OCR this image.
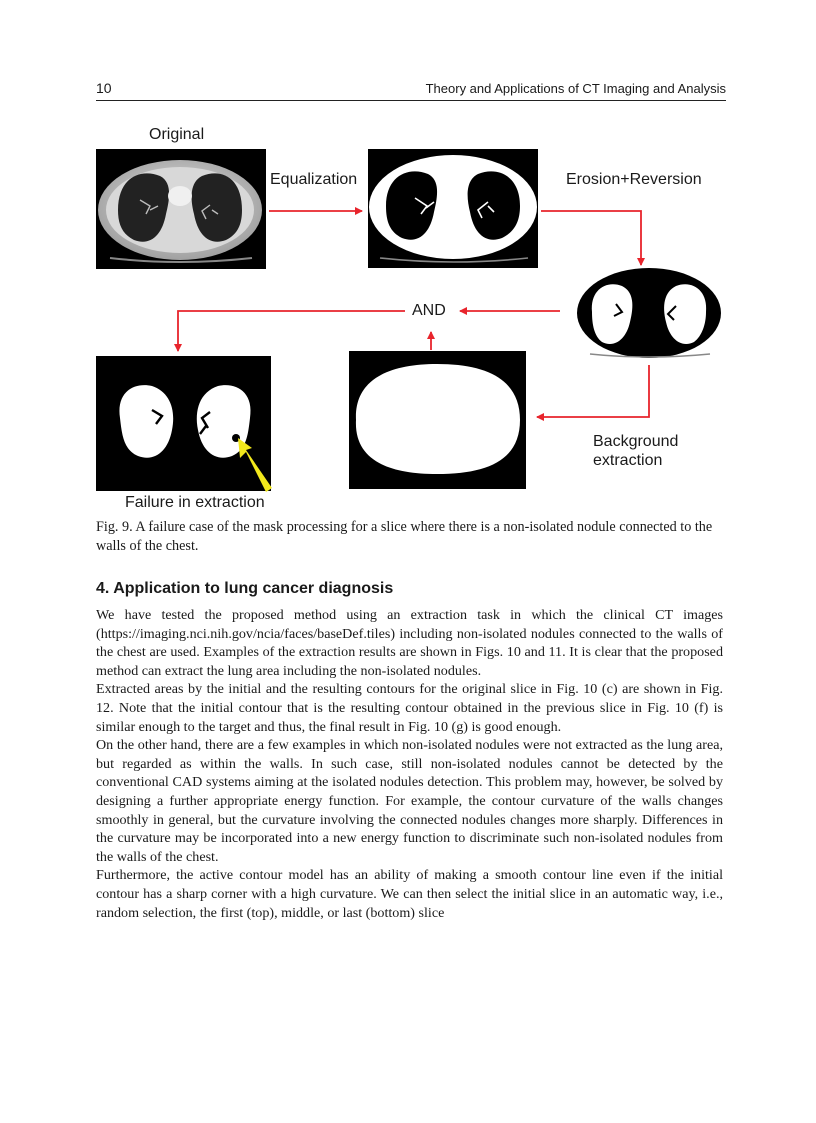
10	Theory and Applications of CT Imaging and Analysis
Original
Equalization	Erosion+Reversion
AND
Background
extraction
Failure in extraction
Fig. 9. A failure case of the mask processing for a slice where there is a non-isolated nodule connected to the walls of the chest.
4. Application to lung cancer diagnosis

We have tested the proposed method using an extraction task in which the clinical CT images (https://imaging.nci.nih.gov/ncia/faces/baseDef.tiles) including non-isolated nodules connected to the walls of the chest are used. Examples of the extraction results are shown in Figs. 10 and 11. It is clear that the proposed method can extract the lung area including the non-isolated nodules.

Extracted areas by the initial and the resulting contours for the original slice in Fig. 10 (c) are shown in Fig. 12. Note that the initial contour that is the resulting contour obtained in the previous slice in Fig. 10 (f) is similar enough to the target and thus, the final result in Fig. 10 (g) is good enough.

On the other hand, there are a few examples in which non-isolated nodules were not extracted as the lung area, but regarded as within the walls. In such case, still non-isolated nodules cannot be detected by the conventional CAD systems aiming at the isolated nodules detection. This problem may, however, be solved by designing a further appropriate energy function. For example, the contour curvature of the walls changes smoothly in general, but the curvature involving the connected nodules changes more sharply. Differences in the curvature may be incorporated into a new energy function to discriminate such non-isolated nodules from the walls of the chest.

Furthermore, the active contour model has an ability of making a smooth contour line even if the initial contour has a sharp corner with a high curvature. We can then select the initial slice in an automatic way, i.e., random selection, the first (top), middle, or last (bottom) slice
